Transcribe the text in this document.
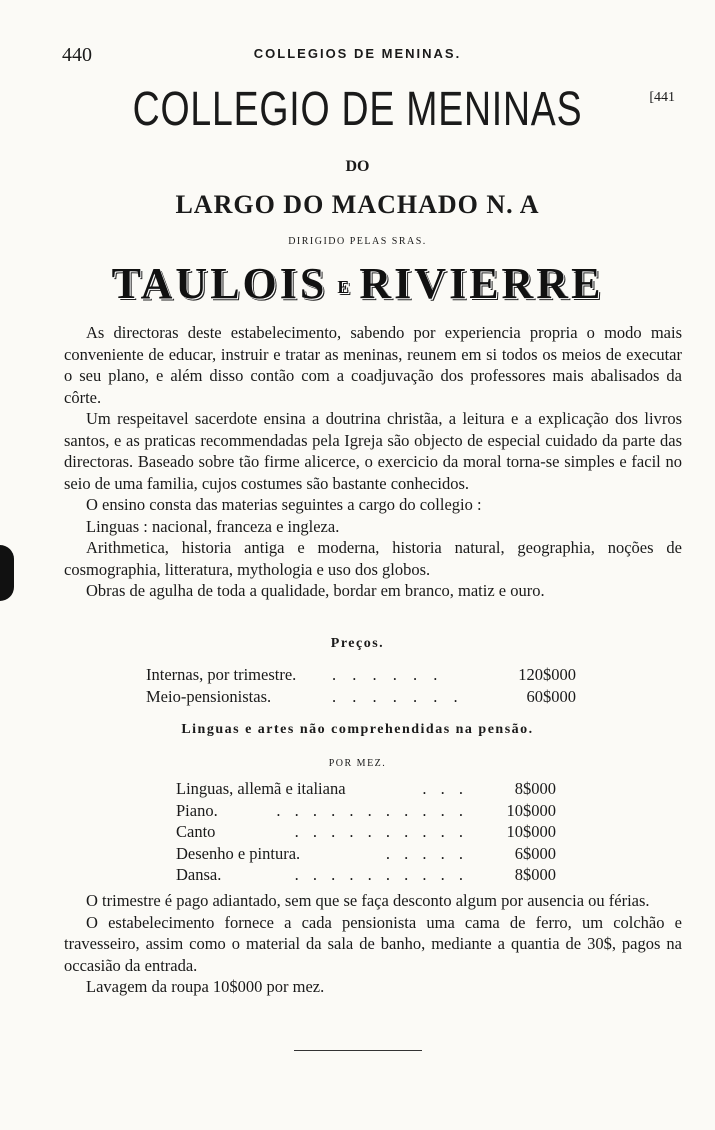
440	COLLEGIOS DE MENINAS.
[441
COLLEGIO DE MENINAS
DO
LARGO DO MACHADO N. A
DIRIGIDO PELAS SRAS.
TAULOIS E RIVIERRE

As directoras deste estabelecimento, sabendo por experiencia propria o modo mais conveniente de educar, instruir e tratar as meninas, reunem em si todos os meios de executar o seu plano, e além disso contão com a coadjuvação dos professores mais abalisados da côrte.

Um respeitavel sacerdote ensina a doutrina christãa, a leitura e a explicação dos livros santos, e as praticas recommendadas pela Igreja são objecto de especial cuidado da parte das directoras. Baseado sobre tão firme alicerce, o exercicio da moral torna-se simples e facil no seio de uma familia, cujos costumes são bastante conhecidos.

O ensino consta das materias seguintes a cargo do collegio :

Linguas : nacional, franceza e ingleza.

Arithmetica, historia antiga e moderna, historia natural, geographia, noções de cosmographia, litteratura, mythologia e uso dos globos.

Obras de agulha de toda a qualidade, bordar em branco, matiz e ouro.

Preços.
Internas, por trimestre. . . . . . .	120$000
Meio-pensionistas.	. . . . . . .	60$000
Linguas e artes não comprehendidas na pensão.
POR MEZ.
Linguas, allemã e italiana	. . .	8$000
Piano.	. . . . . . . . . . . 10$000
Canto	. . . . . . . . . . 10$000
Desenho e pintura.	. . . . .	6$000
Dansa.	. . . . . . . . . .	8$000

O trimestre é pago adiantado, sem que se faça desconto algum por ausencia ou férias.

O estabelecimento fornece a cada pensionista uma cama de ferro, um colchão e travesseiro, assim como o material da sala de banho, mediante a quantia de 30$, pagos na occasião da entrada.

Lavagem da roupa 10$000 por mez.
